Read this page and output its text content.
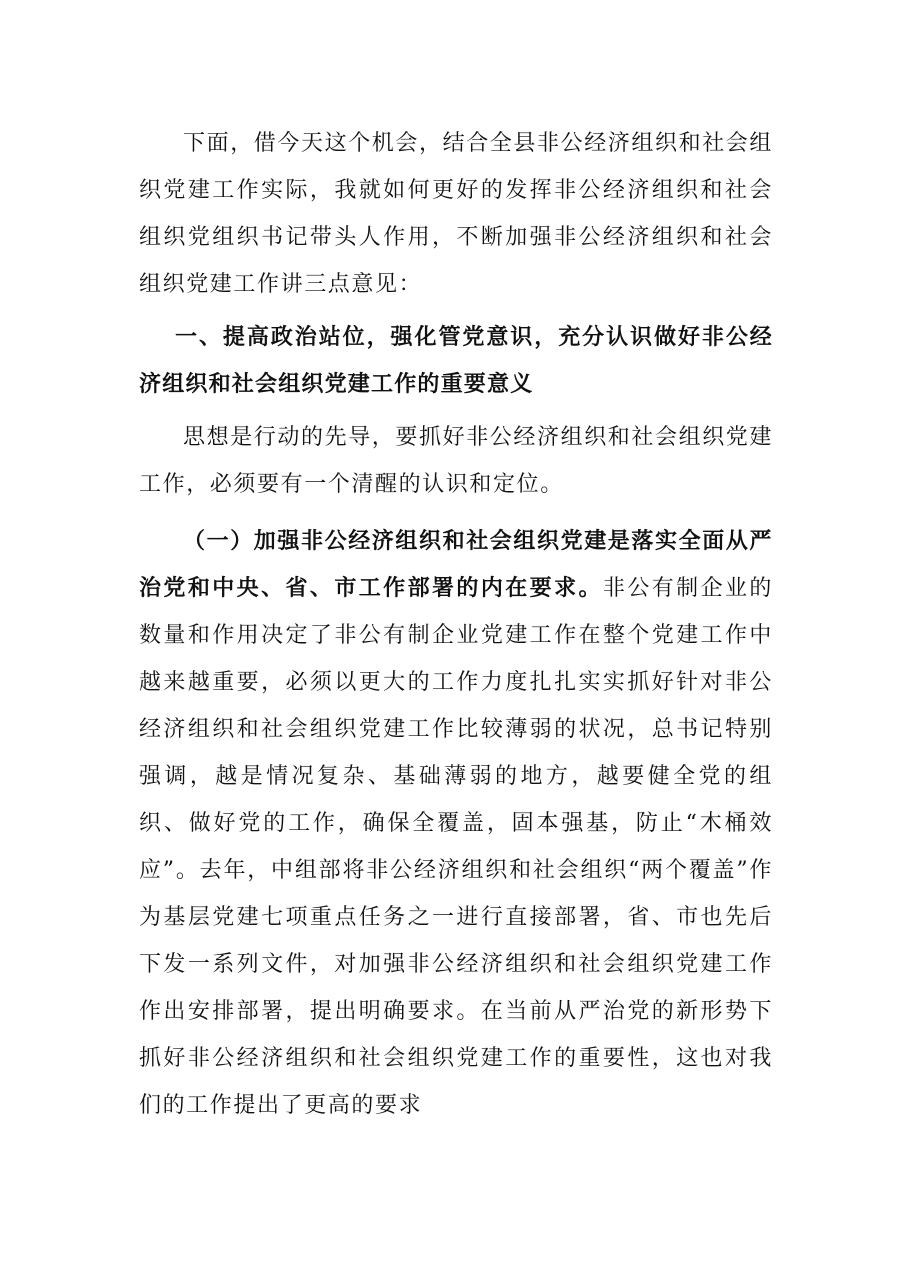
下面，借今天这个机会，结合全县非公经济组织和社会组织党建工作实际，我就如何更好的发挥非公经济组织和社会组织党组织书记带头人作用，不断加强非公经济组织和社会组织党建工作讲三点意见：

一、提高政治站位，强化管党意识，充分认识做好非公经济组织和社会组织党建工作的重要意义

思想是行动的先导，要抓好非公经济组织和社会组织党建工作，必须要有一个清醒的认识和定位。

（一）加强非公经济组织和社会组织党建是落实全面从严治党和中央、省、市工作部署的内在要求。非公有制企业的数量和作用决定了非公有制企业党建工作在整个党建工作中越来越重要，必须以更大的工作力度扎扎实实抓好针对非公经济组织和社会组织党建工作比较薄弱的状况，总书记特别强调，越是情况复杂、基础薄弱的地方，越要健全党的组织、做好党的工作，确保全覆盖，固本强基，防止“木桶效应”。去年，中组部将非公经济组织和社会组织“两个覆盖”作为基层党建七项重点任务之一进行直接部署，省、市也先后下发一系列文件，对加强非公经济组织和社会组织党建工作作出安排部署，提出明确要求。在当前从严治党的新形势下抓好非公经济组织和社会组织党建工作的重要性，这也对我们的工作提出了更高的要求
